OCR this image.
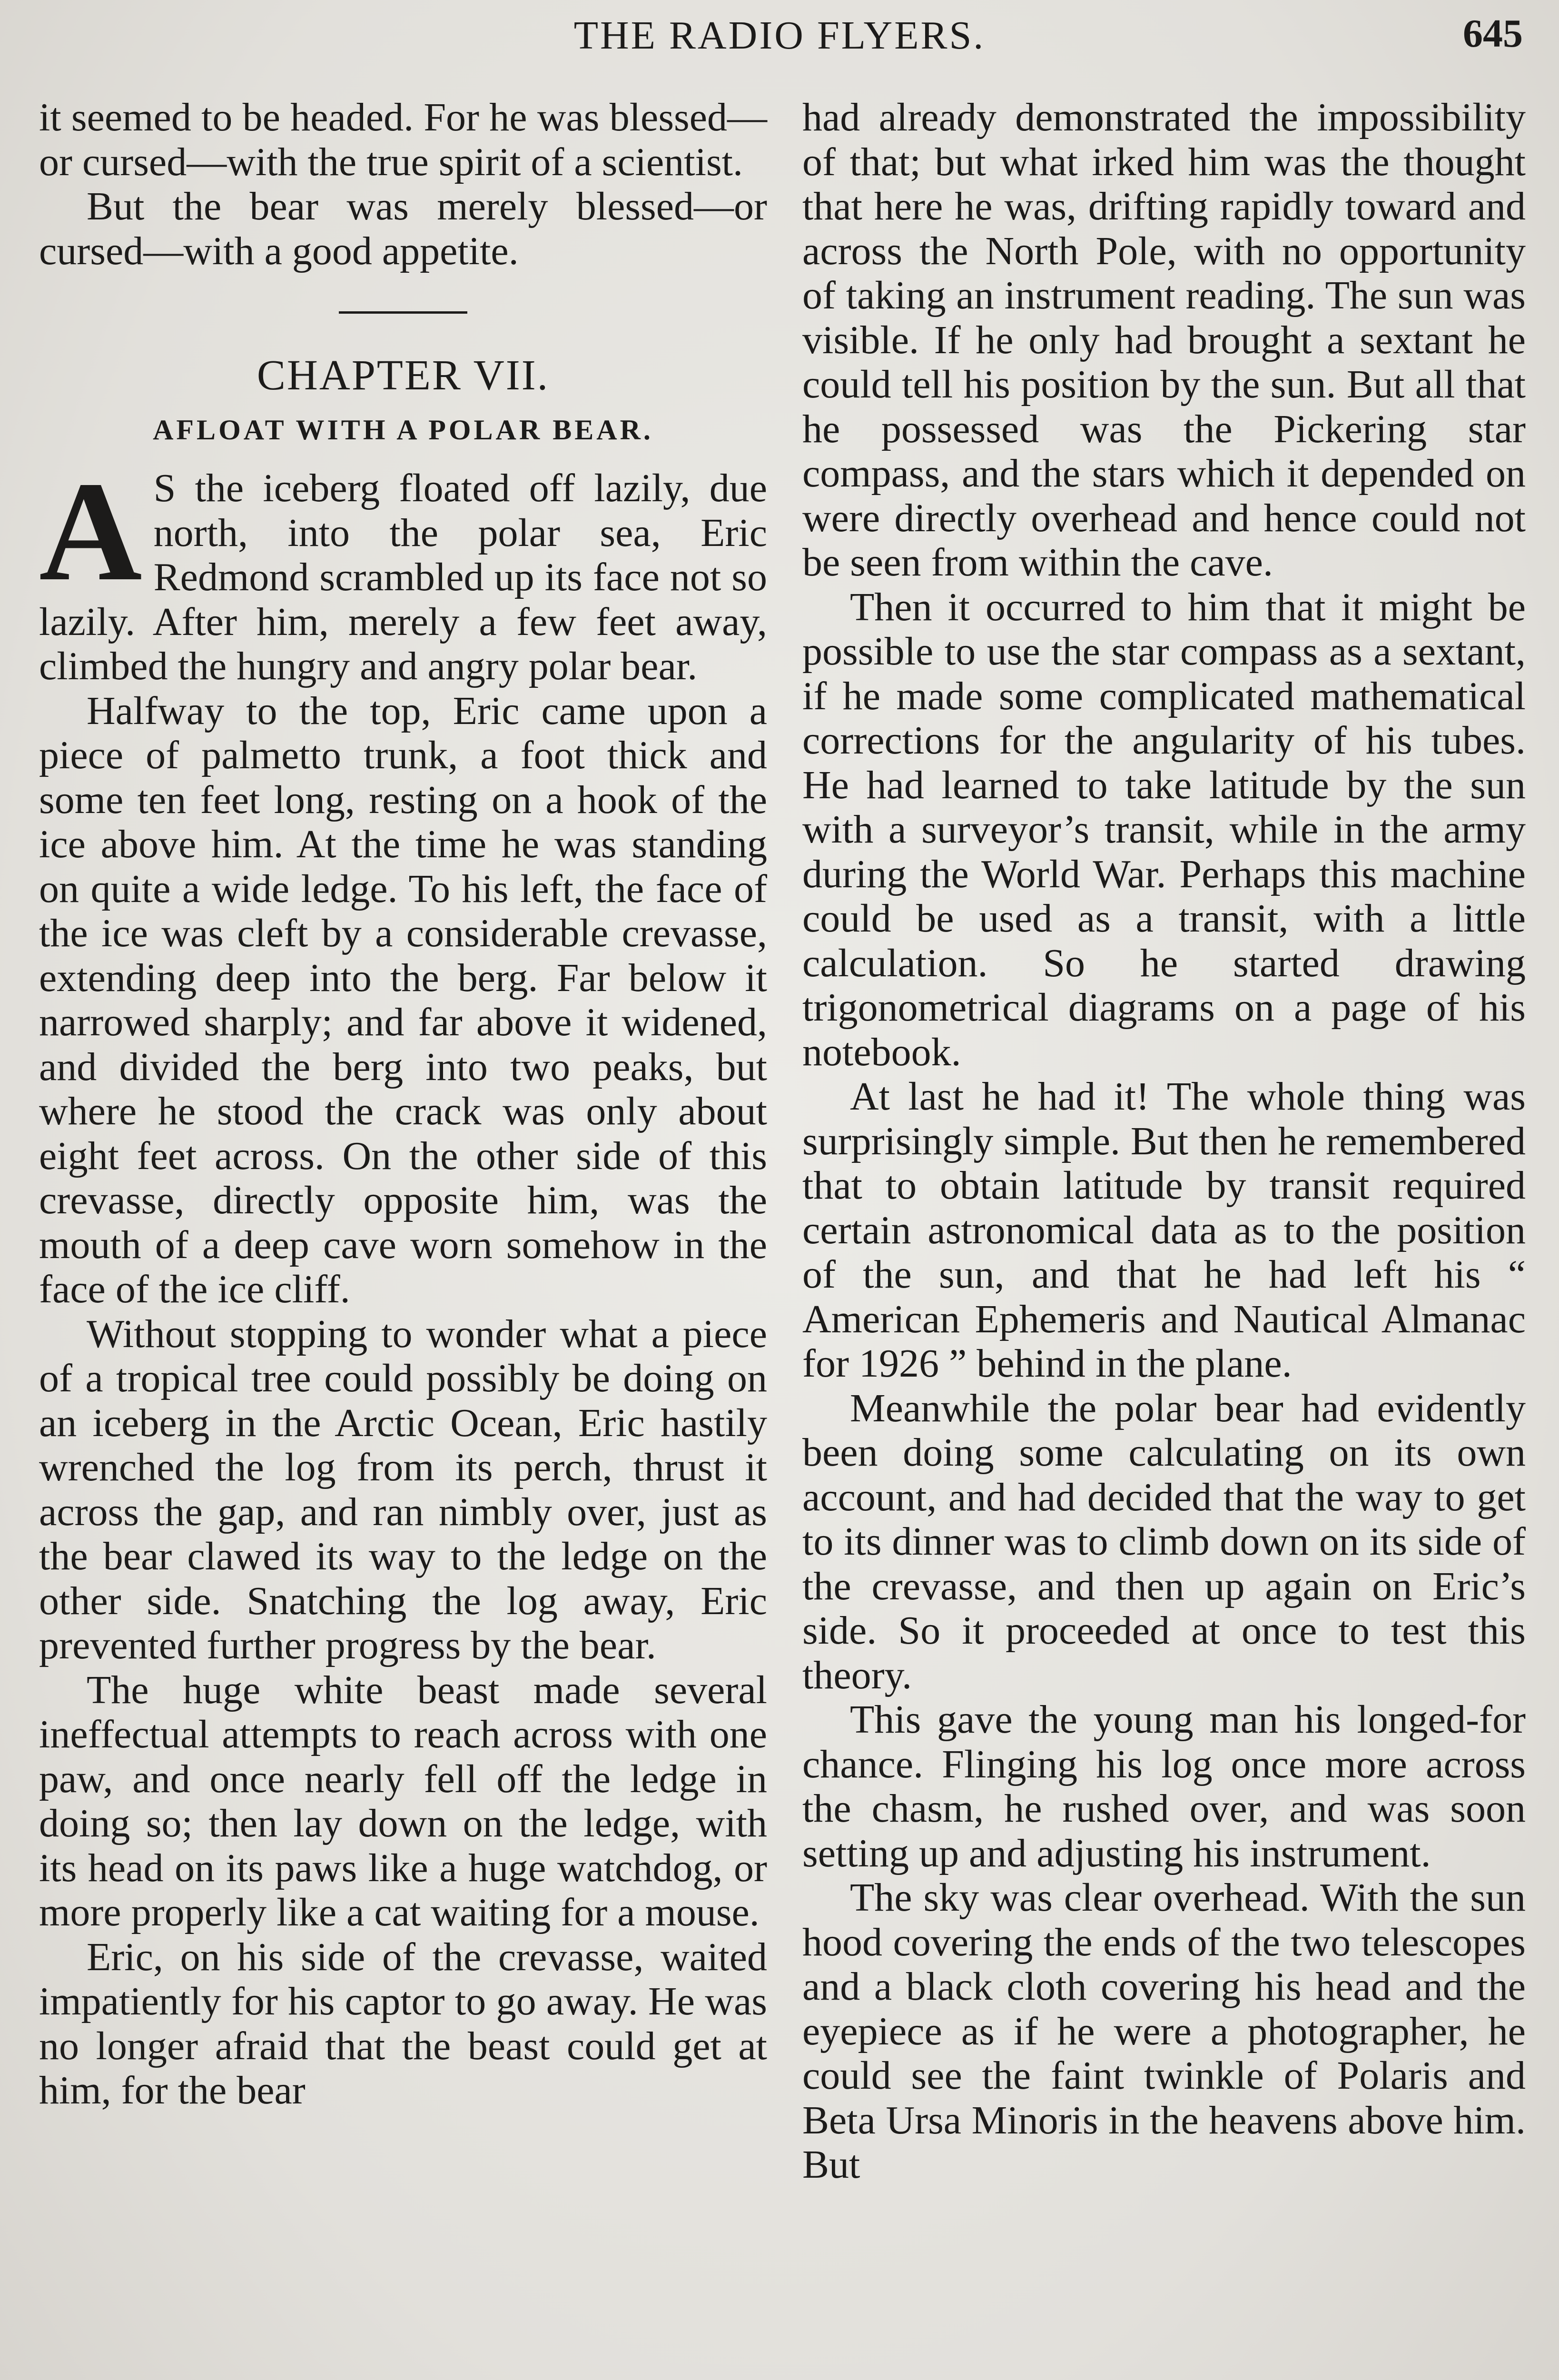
THE RADIO FLYERS.	645

it seemed to be headed. For he was blessed—or cursed—with the true spirit of a scientist.

But the bear was merely blessed—or cursed—with a good appetite.

CHAPTER VII.
AFLOAT WITH A POLAR BEAR.

A S the iceberg floated off lazily, due north, into the polar sea, Eric Redmond scrambled up its face not so lazily. After him, merely a few feet away, climbed the hungry and angry polar bear.

Halfway to the top, Eric came upon a piece of palmetto trunk, a foot thick and some ten feet long, resting on a hook of the ice above him. At the time he was standing on quite a wide ledge. To his left, the face of the ice was cleft by a considerable crevasse, extending deep into the berg. Far below it narrowed sharply; and far above it widened, and divided the berg into two peaks, but where he stood the crack was only about eight feet across. On the other side of this crevasse, directly opposite him, was the mouth of a deep cave worn somehow in the face of the ice cliff.

Without stopping to wonder what a piece of a tropical tree could possibly be doing on an iceberg in the Arctic Ocean, Eric hastily wrenched the log from its perch, thrust it across the gap, and ran nimbly over, just as the bear clawed its way to the ledge on the other side. Snatching the log away, Eric prevented further progress by the bear.

The huge white beast made several ineffectual attempts to reach across with one paw, and once nearly fell off the ledge in doing so; then lay down on the ledge, with its head on its paws like a huge watchdog, or more properly like a cat waiting for a mouse.

Eric, on his side of the crevasse, waited impatiently for his captor to go away. He was no longer afraid that the beast could get at him, for the bear

had already demonstrated the impossibility of that; but what irked him was the thought that here he was, drifting rapidly toward and across the North Pole, with no opportunity of taking an instrument reading. The sun was visible. If he only had brought a sextant he could tell his position by the sun. But all that he possessed was the Pickering star compass, and the stars which it depended on were directly overhead and hence could not be seen from within the cave.

Then it occurred to him that it might be possible to use the star compass as a sextant, if he made some complicated mathematical corrections for the angularity of his tubes. He had learned to take latitude by the sun with a surveyor’s transit, while in the army during the World War. Perhaps this machine could be used as a transit, with a little calculation. So he started drawing trigonometrical diagrams on a page of his notebook.

At last he had it! The whole thing was surprisingly simple. But then he remembered that to obtain latitude by transit required certain astronomical data as to the position of the sun, and that he had left his “ American Ephemeris and Nautical Almanac for 1926 ” behind in the plane.

Meanwhile the polar bear had evidently been doing some calculating on its own account, and had decided that the way to get to its dinner was to climb down on its side of the crevasse, and then up again on Eric’s side. So it proceeded at once to test this theory.

This gave the young man his longed-for chance. Flinging his log once more across the chasm, he rushed over, and was soon setting up and adjusting his instrument.

The sky was clear overhead. With the sun hood covering the ends of the two telescopes and a black cloth covering his head and the eyepiece as if he were a photographer, he could see the faint twinkle of Polaris and Beta Ursa Minoris in the heavens above him. But
